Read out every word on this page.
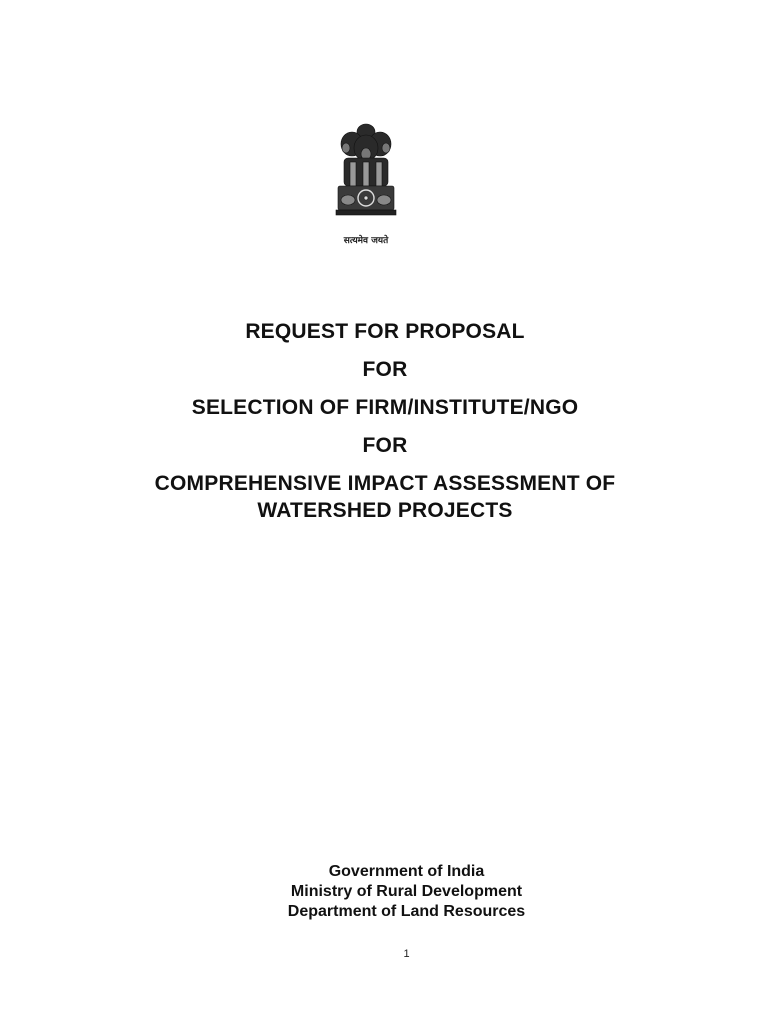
सत्यमेव जयते

REQUEST FOR PROPOSAL

FOR

SELECTION OF FIRM/INSTITUTE/NGO

FOR

COMPREHENSIVE IMPACT ASSESSMENT OF

WATERSHED PROJECTS

Government of India

Ministry of Rural Development

Department of Land Resources

1
